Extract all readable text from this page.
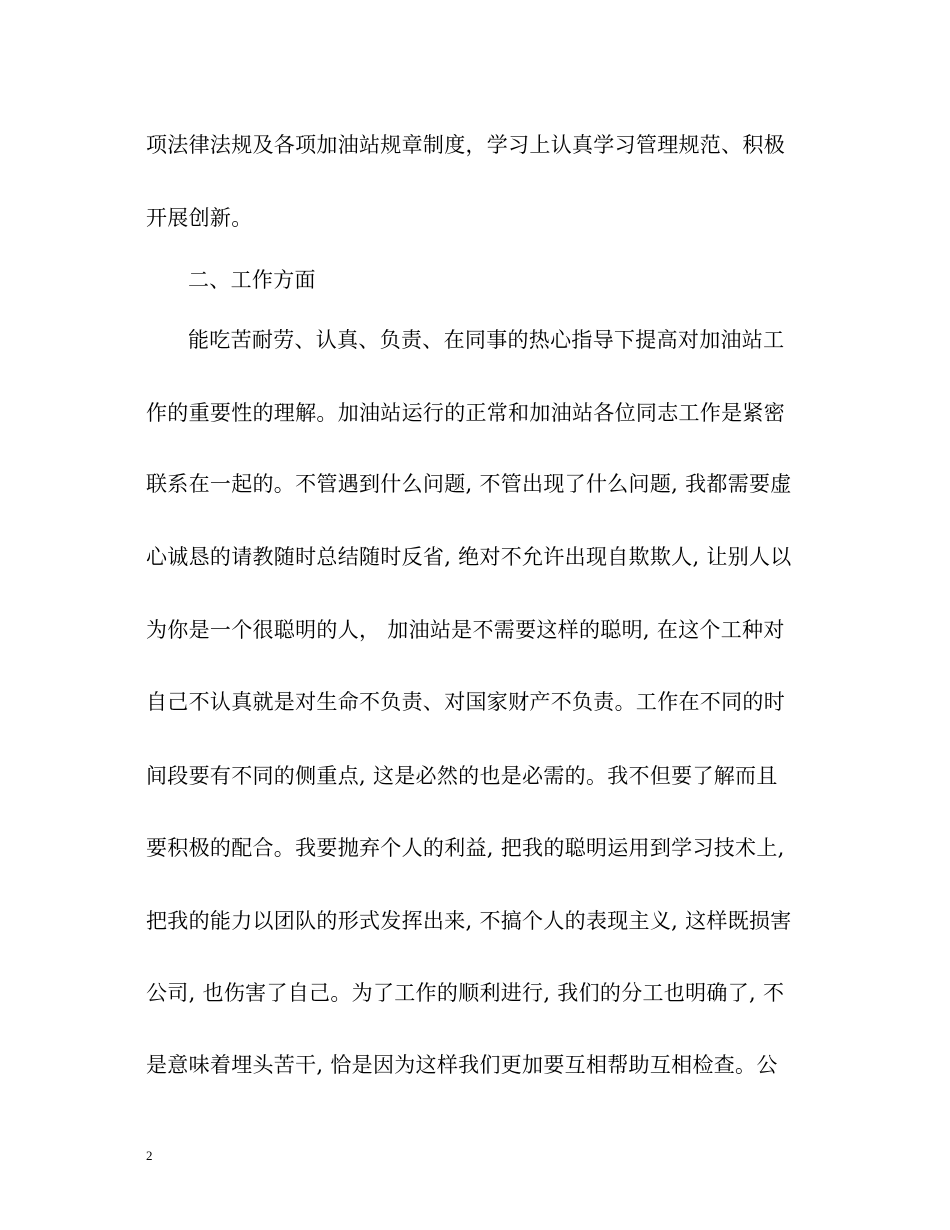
项法律法规及各项加油站规章制度，学习上认真学习管理规范、积极
开展创新。
二、工作方面
能吃苦耐劳、认真、负责、在同事的热心指导下提高对加油站工
作的重要性的理解。加油站运行的正常和加油站各位同志工作是紧密
联系在一起的。不管遇到什么问题, 不管出现了什么问题, 我都需要虚
心诚恳的请教随时总结随时反省, 绝对不允许出现自欺欺人, 让别人以
为你是一个很聪明的人， 加油站是不需要这样的聪明, 在这个工种对
自己不认真就是对生命不负责、对国家财产不负责。工作在不同的时
间段要有不同的侧重点, 这是必然的也是必需的。我不但要了解而且
要积极的配合。我要抛弃个人的利益, 把我的聪明运用到学习技术上,
把我的能力以团队的形式发挥出来, 不搞个人的表现主义, 这样既损害
公司, 也伤害了自己。为了工作的顺利进行, 我们的分工也明确了, 不
是意味着埋头苦干, 恰是因为这样我们更加要互相帮助互相检查。公
2
